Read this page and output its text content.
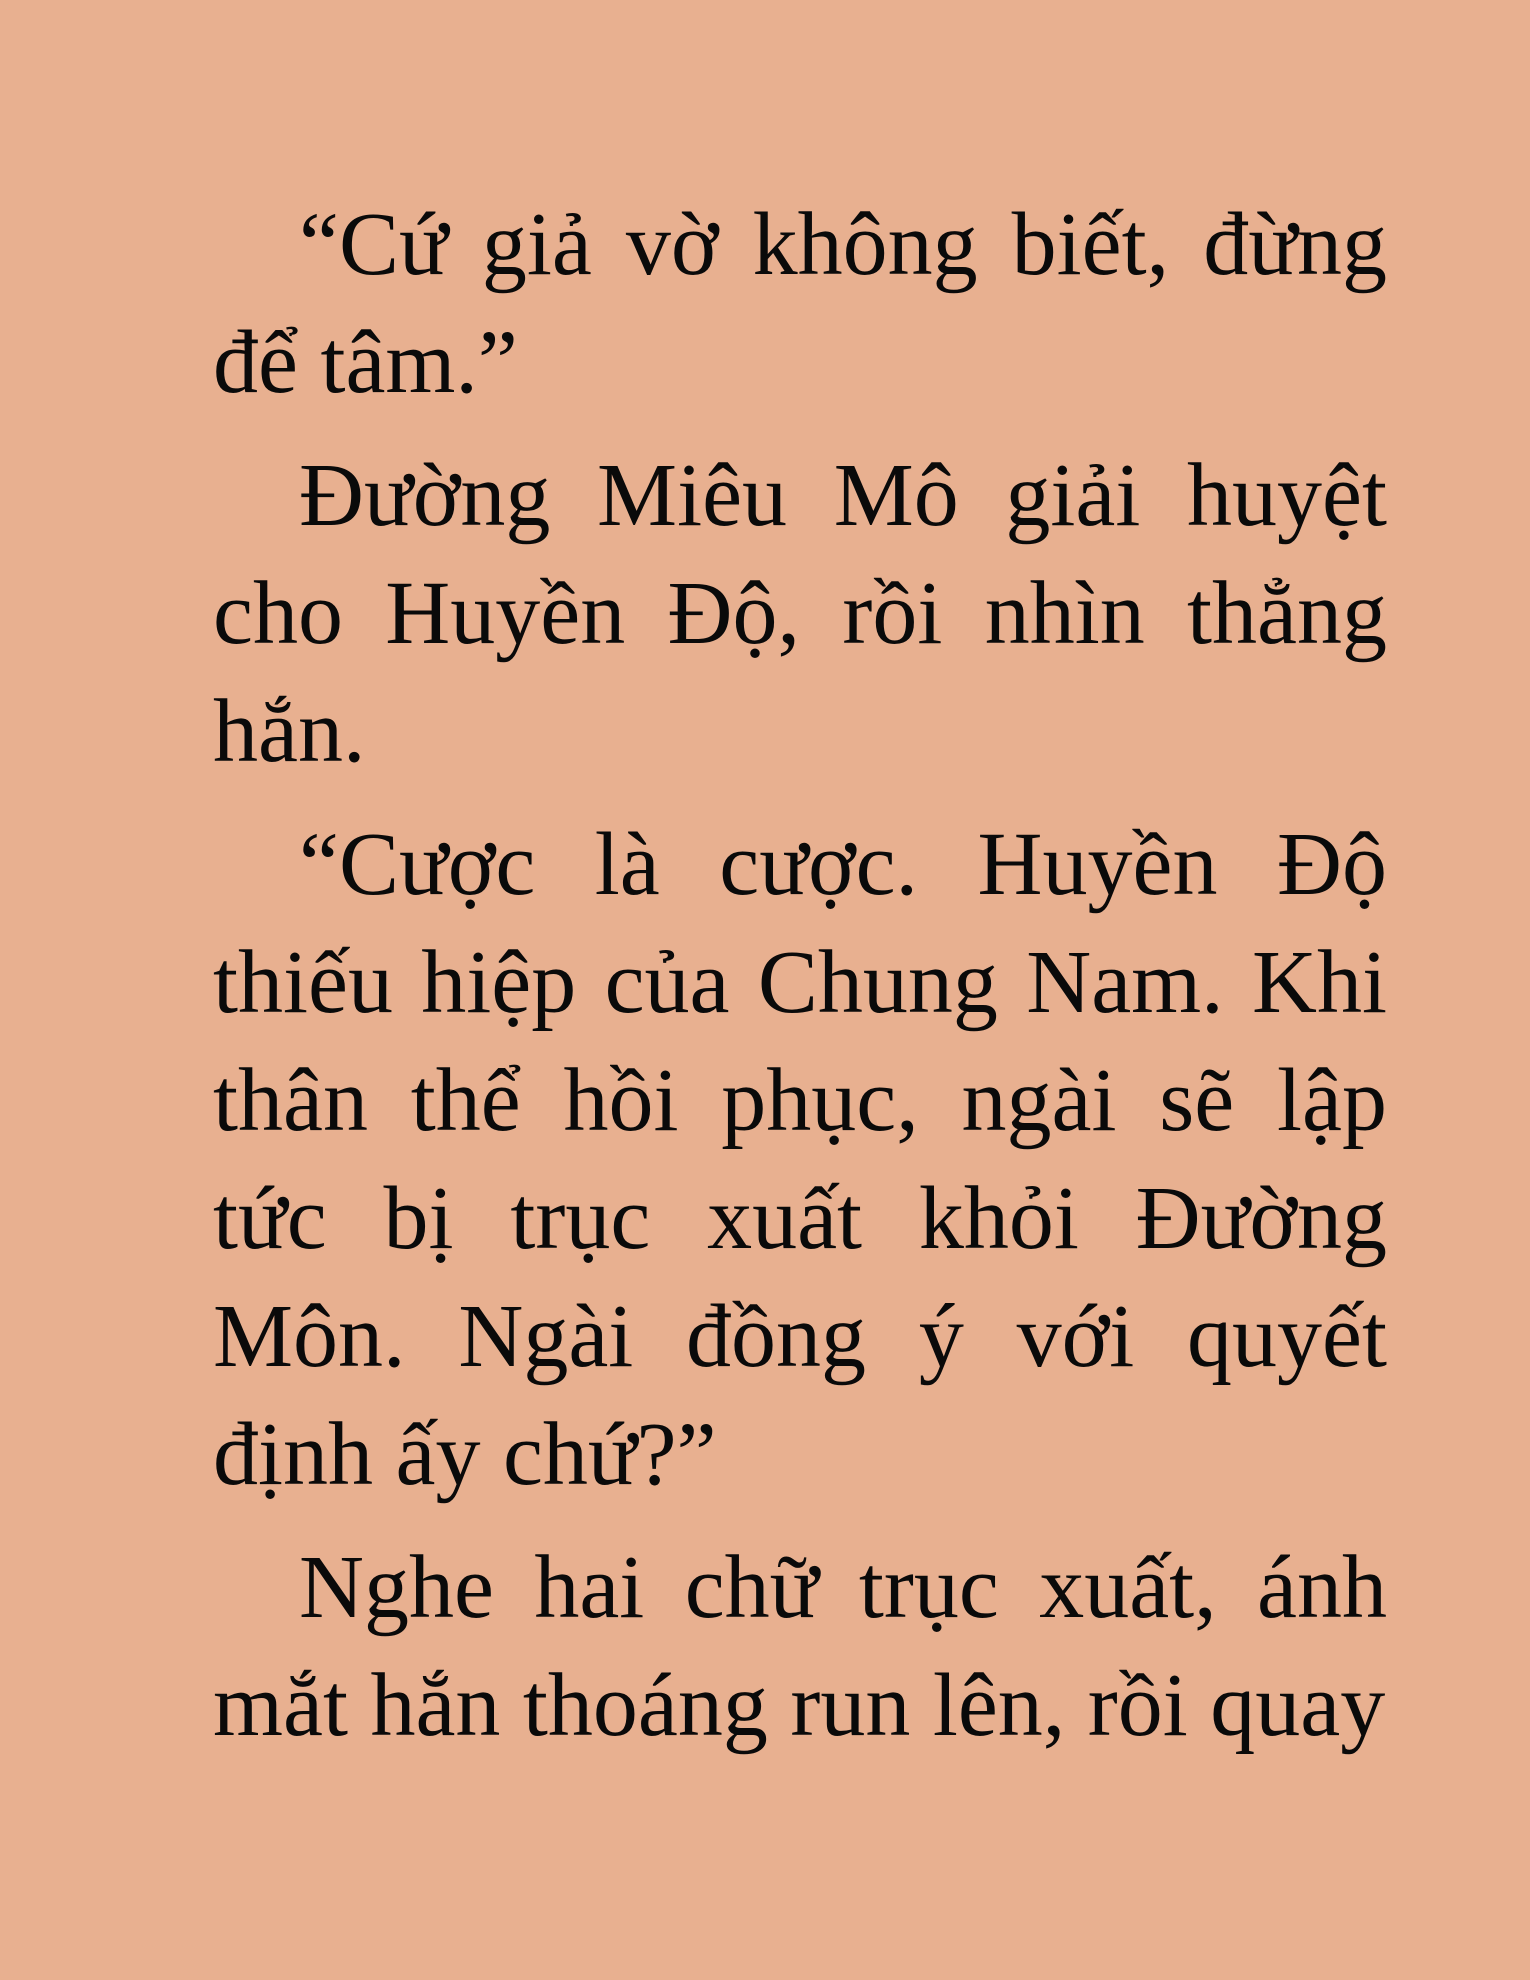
“Cứ giả vờ không biết, đừng để tâm.”

Đường Miêu Mô giải huyệt cho Huyền Độ, rồi nhìn thẳng hắn.

“Cược là cược. Huyền Độ thiếu hiệp của Chung Nam. Khi thân thể hồi phục, ngài sẽ lập tức bị trục xuất khỏi Đường Môn. Ngài đồng ý với quyết định ấy chứ?”

Nghe hai chữ trục xuất, ánh mắt hắn thoáng run lên, rồi quay
